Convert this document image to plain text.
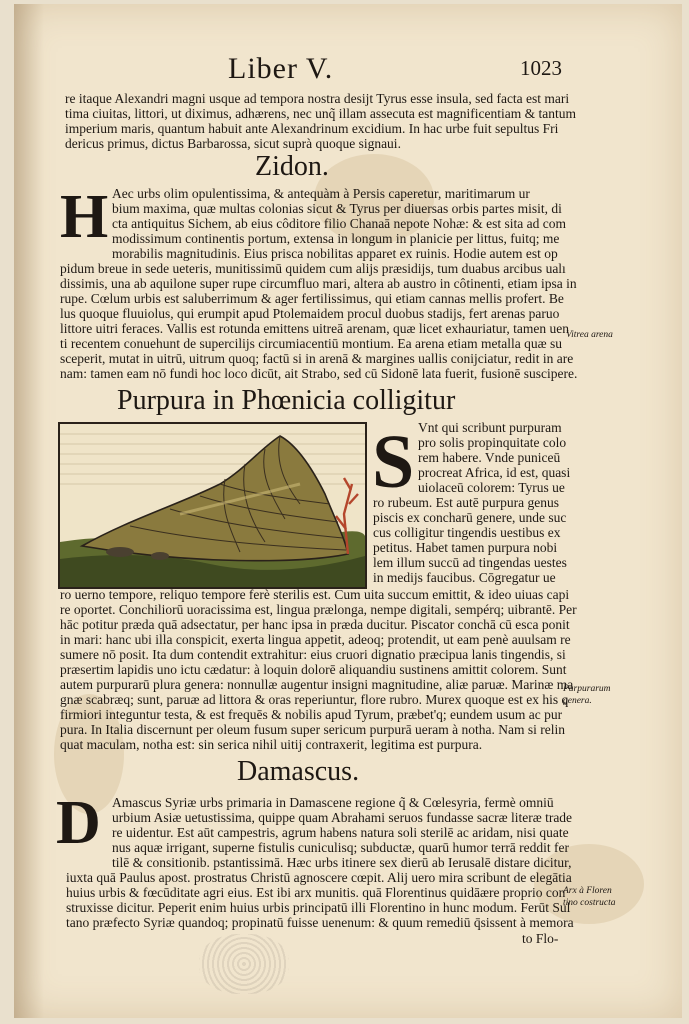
Liber V.	1023
re itaque Alexandri magni usque ad tempora nostra desijt Tyrus esse insula, sed facta est mari
tima ciuitas, littori, ut diximus, adhærens, nec unq̃ illam assecuta est magnificentiam & tantum
imperium maris, quantum habuit ante Alexandrinum excidium. In hac urbe fuit sepultus Fri
dericus primus, dictus Barbarossa, sicut suprà quoque signaui.
Zidon.
H Aec urbs olim opulentissima, & antequàm à Persis caperetur, maritimarum ur
bium maxima, quæ multas colonias sicut & Tyrus per diuersas orbis partes misit, di
cta antiquitus Sichem, ab eius côditore filio Chanaā nepote Nohæ: & est sita ad com
modissimum continentis portum, extensa in longum in planicie per littus, fuitq; me
morabilis magnitudinis. Eius prisca nobilitas apparet ex ruinis. Hodie autem est op
pidum breue in sede ueteris, munitissimū quidem cum alijs præsidijs, tum duabus arcibus ualı
dissimis, una ab aquilone super rupe circumfluo mari, altera ab austro in côtinenti, etiam ipsa in
rupe. Cœlum urbis est saluberrimum & ager fertilissimus, qui etiam cannas mellis profert. Be
lus quoque fluuiolus, qui erumpit apud Ptolemaidem procul duobus stadijs, fert arenas paruo
littore uitri feraces. Vallis est rotunda emittens uitreā arenam, quæ licet exhauriatur, tamen uen
ti recentem conuehunt de supercilijs circumiacentiū montium. Ea arena etiam metalla quæ su
sceperit, mutat in uitrū, uitrum quoq; factū si in arenā & margines uallis conijciatur, redit in are
nam: tamen eam nō fundi hoc loco dicūt, ait Strabo, sed cū Sidonē lata fuerit, fusionē suscipere.
Vitrea arena
Purpura in Phœnicia colligitur
S Vnt qui scribunt purpuram
pro solis propinquitate colo
rem habere. Vnde puniceū
procreat Africa, id est, quasi
uiolaceū colorem: Tyrus ue
ro rubeum. Est autē purpura genus
piscis ex concharū genere, unde suc
cus colligitur tingendis uestibus ex
petitus. Habet tamen purpura nobi
lem illum succū ad tingendas uestes
in medijs faucibus. Cōgregatur ue
ro uerno tempore, reliquo tempore ferè sterilis est. Cum uita succum emittit, & ideo uiuas capi
re oportet. Conchiliorū uoracissima est, lingua prælonga, nempe digitali, sempérq; uibrantē. Per
hāc potitur præda quā adsectatur, per hanc ipsa in præda ducitur. Piscator conchā cū esca ponit
in mari: hanc ubi illa conspicit, exerta lingua appetit, adeoq; protendit, ut eam penè auulsam re
sumere nō posit. Ita dum contendit extrahitur: eius cruori dignatio præcipua lanis tingendis, si
præsertim lapidis uno ictu cædatur: à loquin dolorē aliquandiu sustinens amittit colorem. Sunt
autem purpurarū plura genera: nonnullæ augentur insigni magnitudine, aliæ paruæ. Marinæ ma
gnæ scabræq; sunt, paruæ ad littora & oras reperiuntur, flore rubro. Murex quoque est ex his q
firmiori integuntur testa, & est frequēs & nobilis apud Tyrum, præbet'q; eundem usum ac pur
pura. In Italia discernunt per oleum fusum super sericum purpurā ueram à notha. Nam si relin
quat maculam, notha est: sin serica nihil uitij contraxerit, legitima est purpura.
Purpurarum
genera.
Damascus.
D Amascus Syriæ urbs primaria in Damascene regione q̃ & Cœlesyria, fermè omniū
urbium Asiæ uetustissima, quippe quam Abrahami seruos fundasse sacræ literæ trade
re uidentur. Est aūt campestris, agrum habens natura soli sterilē ac aridam, nisi quate
nus aquæ irrigant, superne fistulis cuniculisq; subductæ, quarū humor terrā reddit fer
tilē & consitionib. pstantissimā. Hæc urbs itinere sex dierū ab Ierusalē distare dicitur,
iuxta quā Paulus apost. prostratus Christū agnoscere cœpit. Alij uero mira scribunt de elegātia
huius urbis & fœcūditate agri eius. Est ibi arx munitis. quā Florentinus quidāære proprio con
struxisse dicitur. Peperit enim huius urbis principatū illi Florentino in hunc modum. Ferūt Sul
tano præfecto Syriæ quandoq; propinatū fuisse uenenum: & quum remediū q̄sissent à memora
to Flo-
Arx à Floren
tino costructa
